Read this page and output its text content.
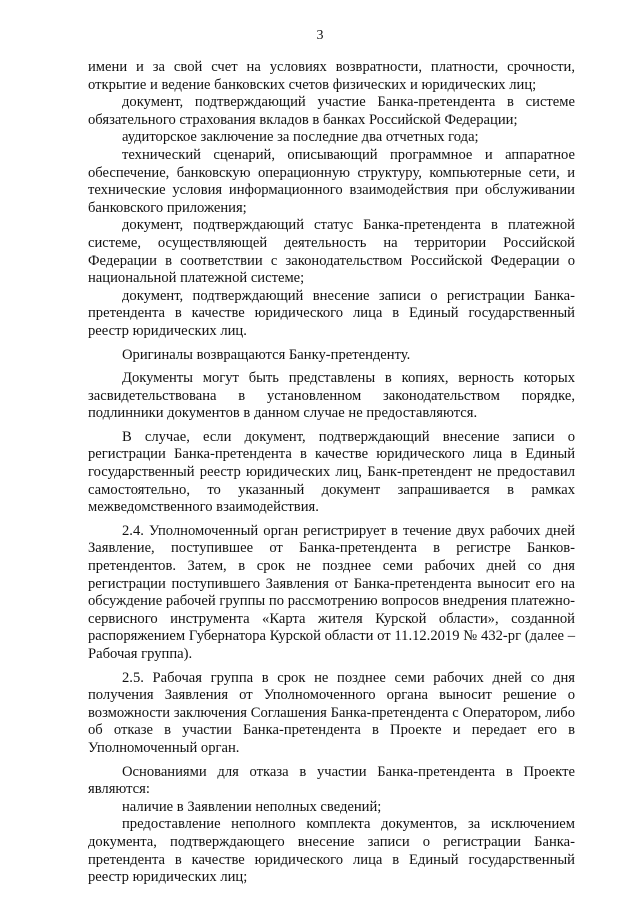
3

имени и за свой счет на условиях возвратности, платности, срочности, открытие и ведение банковских счетов физических и юридических лиц;

документ, подтверждающий участие Банка-претендента в системе обязательного страхования вкладов в банках Российской Федерации;

аудиторское заключение за последние два отчетных года;

технический сценарий, описывающий программное и аппаратное обеспечение, банковскую операционную структуру, компьютерные сети, и технические условия информационного взаимодействия при обслуживании банковского приложения;

документ, подтверждающий статус Банка-претендента в платежной системе, осуществляющей деятельность на территории Российской Федерации в соответствии с законодательством Российской Федерации о национальной платежной системе;

документ, подтверждающий внесение записи о регистрации Банка-претендента в качестве юридического лица в Единый государственный реестр юридических лиц.

Оригиналы возвращаются Банку-претенденту.

Документы могут быть представлены в копиях, верность которых засвидетельствована в установленном законодательством порядке, подлинники документов в данном случае не предоставляются.

В случае, если документ, подтверждающий внесение записи о регистрации Банка-претендента в качестве юридического лица в Единый государственный реестр юридических лиц, Банк-претендент не предоставил самостоятельно, то указанный документ запрашивается в рамках межведомственного взаимодействия.

2.4. Уполномоченный орган регистрирует в течение двух рабочих дней Заявление, поступившее от Банка-претендента в регистре Банков-претендентов. Затем, в срок не позднее семи рабочих дней со дня регистрации поступившего Заявления от Банка-претендента выносит его на обсуждение рабочей группы по рассмотрению вопросов внедрения платежно-сервисного инструмента «Карта жителя Курской области», созданной распоряжением Губернатора Курской области от 11.12.2019 № 432-рг (далее – Рабочая группа).

2.5. Рабочая группа в срок не позднее семи рабочих дней со дня получения Заявления от Уполномоченного органа выносит решение о возможности заключения Соглашения Банка-претендента с Оператором, либо об отказе в участии Банка-претендента в Проекте и передает его в Уполномоченный орган.

Основаниями для отказа в участии Банка-претендента в Проекте являются:

наличие в Заявлении неполных сведений;

предоставление неполного комплекта документов, за исключением документа, подтверждающего внесение записи о регистрации Банка-претендента в качестве юридического лица в Единый государственный реестр юридических лиц;
